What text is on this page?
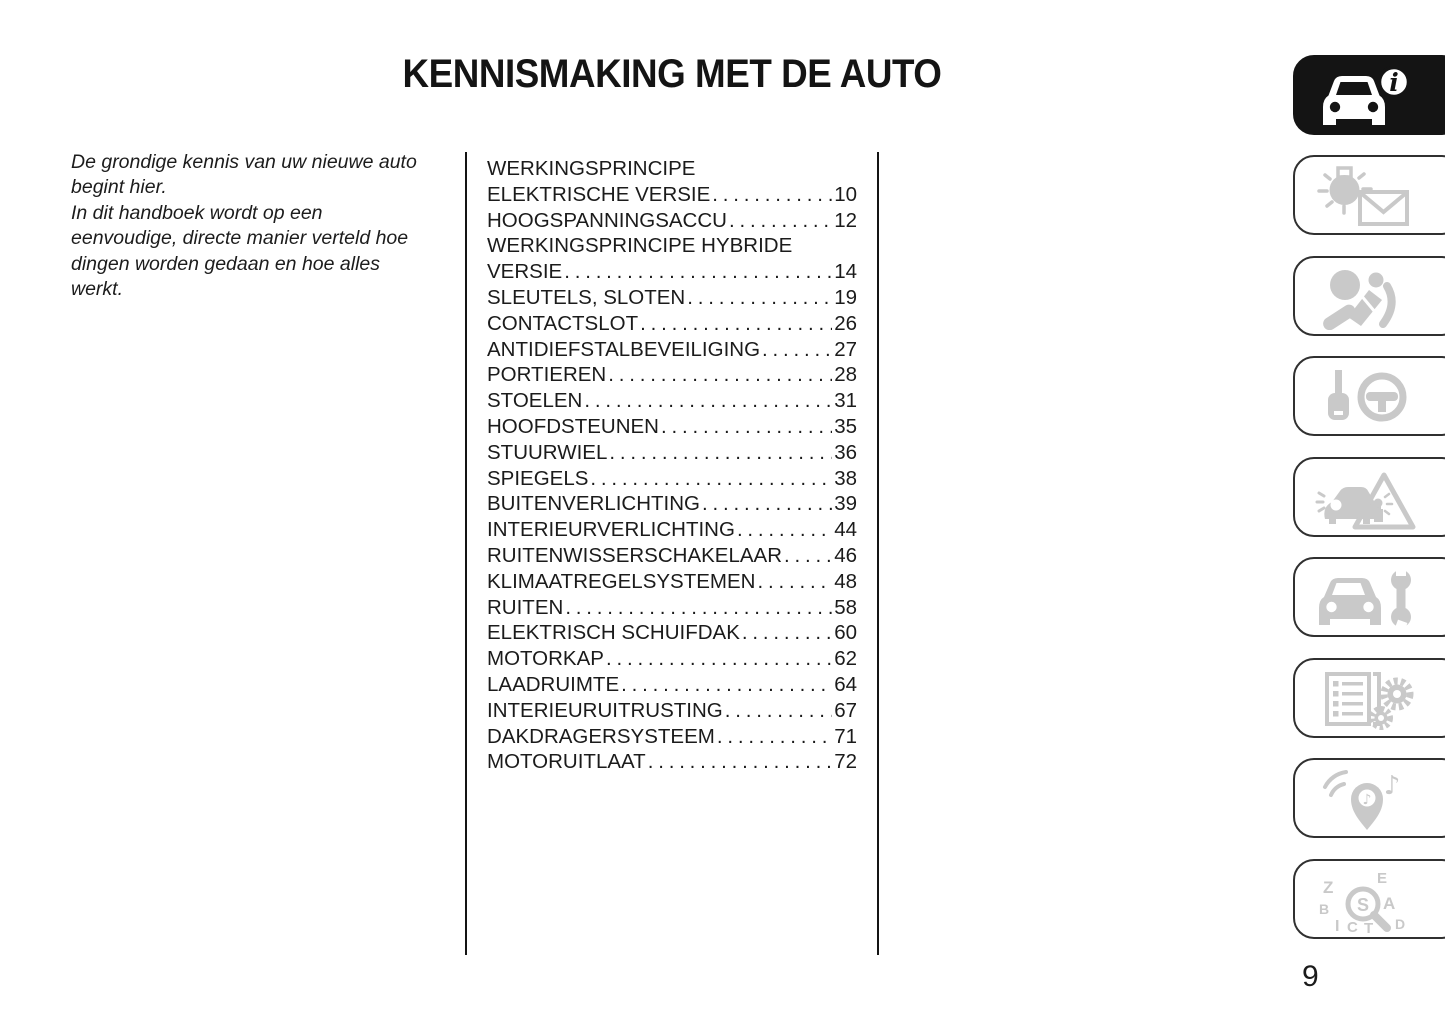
KENNISMAKING MET DE AUTO

De grondige kennis van uw nieuwe auto begint hier.

In dit handboek wordt op een eenvoudige, directe manier verteld hoe dingen worden gedaan en hoe alles werkt.

WERKINGSPRINCIPE
ELEKTRISCHE VERSIE .....	10
HOOGSPANNINGSACCU .....	12
WERKINGSPRINCIPE HYBRIDE
VERSIE .....	14
SLEUTELS, SLOTEN .....	19
CONTACTSLOT .....	26
ANTIDIEFSTALBEVEILIGING .....	27
PORTIEREN .....	28
STOELEN .....	31
HOOFDSTEUNEN .....	35
STUURWIEL .....	36
SPIEGELS .....	38
BUITENVERLICHTING .....	39
INTERIEURVERLICHTING .....	44
RUITENWISSERSCHAKELAAR .....	46
KLIMAATREGELSYSTEMEN .....	48
RUITEN .....	58
ELEKTRISCH SCHUIFDAK .....	60
MOTORKAP .....	62
LAADRUIMTE .....	64
INTERIEURUITRUSTING .....	67
DAKDRAGERSYSTEEM .....	71
MOTORUITLAAT .....	72
i
♪ ♪
Z	E
B	A
I C T D
S
9
